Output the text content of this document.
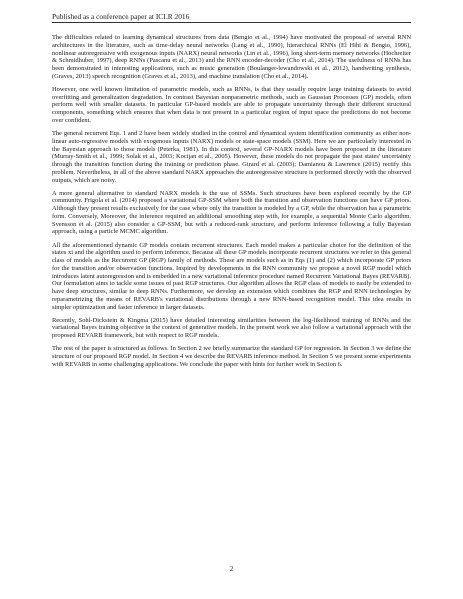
Published as a conference paper at ICLR 2016

The difficulties related to learning dynamical structures from data (Bengio et al., 1994) have motivated the proposal of several RNN architectures in the literature, such as time-delay neural networks (Lang et al., 1990), hierarchical RNNs (El Hihi & Bengio, 1996), nonlinear autoregressive with exogenous inputs (NARX) neural networks (Lin et al., 1996), long short-term memory networks (Hochreiter & Schmidhuber, 1997), deep RNNs (Pascanu et al., 2013) and the RNN encoder-decoder (Cho et al., 2014). The usefulness of RNNs has been demonstrated in interesting applications, such as music generation (Boulanger-lewandowski et al., 2012), handwriting synthesis, (Graves, 2013) speech recognition (Graves et al., 2013), and machine translation (Cho et al., 2014).

However, one well known limitation of parametric models, such as RNNs, is that they usually require large training datasets to avoid overfitting and generalization degradation. In contrast Bayesian nonparametric methods, such as Gaussian Processes (GP) models, often perform well with smaller datasets. In particular GP-based models are able to propagate uncertainty through their different structural components, something which ensures that when data is not present in a particular region of input space the predictions do not become over confident.

The general recurrent Eqs. 1 and 2 have been widely studied in the control and dynamical system identification community as either non-linear auto-regressive models with exogenous inputs (NARX) models or state-space models (SSM). Here we are particularly interested in the Bayesian approach to those models (Peterka, 1981). In this context, several GP-NARX models have been proposed in the literature (Murray-Smith et al., 1999; Solak et al., 2003; Kocijan et al., 2005). However, these models do not propagate the past states' uncertainty through the transition function during the training or prediction phase. Girard et al. (2003); Damianou & Lawrence (2015) rectify this problem. Nevertheless, in all of the above standard NARX approaches the autoregressive structure is performed directly with the observed outputs, which are noisy.

A more general alternative to standard NARX models is the use of SSMs. Such structures have been explored recently by the GP community. Frigola et al. (2014) proposed a variational GP-SSM where both the transition and observation functions can have GP priors. Although they present results exclusively for the case where only the transition is modeled by a GP, while the observation has a parametric form. Conversely, Moreover, the inference required an additional smoothing step with, for example, a sequential Monte Carlo algorithm. Svensson et al. (2015) also consider a GP-SSM, but with a reduced-rank structure, and perform inference following a fully Bayesian approach, using a particle MCMC algorithm.

All the aforementioned dynamic GP models contain recurrent structures. Each model makes a particular choice for the definition of the states xi and the algorithm used to perform inference. Because all these GP models incorporate recurrent structures we refer to this general class of models as the Recurrent GP (RGP) family of methods. These are models such as in Eqs (1) and (2) which incorporate GP priors for the transition and/or observation functions. Inspired by developments in the RNN community we propose a novel RGP model which introduces latent autoregression and is embedded in a new variational inference procedure named Recurrent Variational Bayes (REVARB). Our formulation aims to tackle some issues of past RGP structures. Our algorithm allows the RGP class of models to easily be extended to have deep structures, similar to deep RNNs. Furthermore, we develop an extension which combines the RGP and RNN technologies by reparametrizing the means of REVARB's variational distributions through a new RNN-based recognition model. This idea results in simpler optimization and faster inference in larger datasets.

Recently, Sohl-Dickstein & Kingma (2015) have detailed interesting similarities between the log-likelihood training of RNNs and the variational Bayes training objective in the context of generative models. In the present work we also follow a variational approach with the proposed REVARB framework, but with respect to RGP models.

The rest of the paper is structured as follows. In Section 2 we briefly summarize the standard GP for regression. In Section 3 we define the structure of our proposed RGP model. In Section 4 we describe the REVARB inference method. In Section 5 we present some experiments with REVARB in some challenging applications. We conclude the paper with hints for further work in Section 6.

2
